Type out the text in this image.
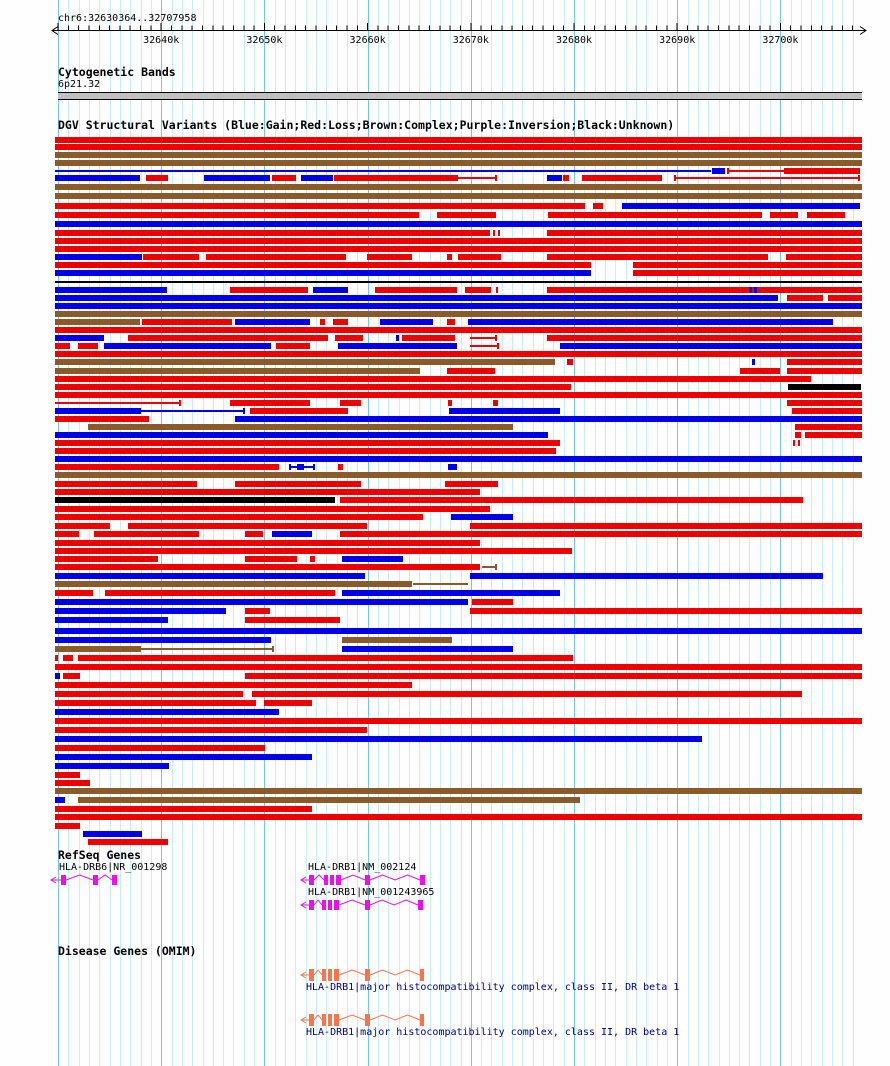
chr6:32630364..32707958
32640k	32650k	32660k	32670k	32680k	32690k	32700k
Cytogenetic Bands
6p21.32
DGV Structural Variants (Blue:Gain;Red:Loss;Brown:Complex;Purple:Inversion;Black:Unknown)
RefSeq Genes
HLA-DRB6|NR_001298	HLA-DRB1|NM_002124
HLA-DRB1|NM_001243965
Disease Genes (OMIM)
HLA-DRB1|major histocompatibility complex, class II, DR beta 1
HLA-DRB1|major histocompatibility complex, class II, DR beta 1
